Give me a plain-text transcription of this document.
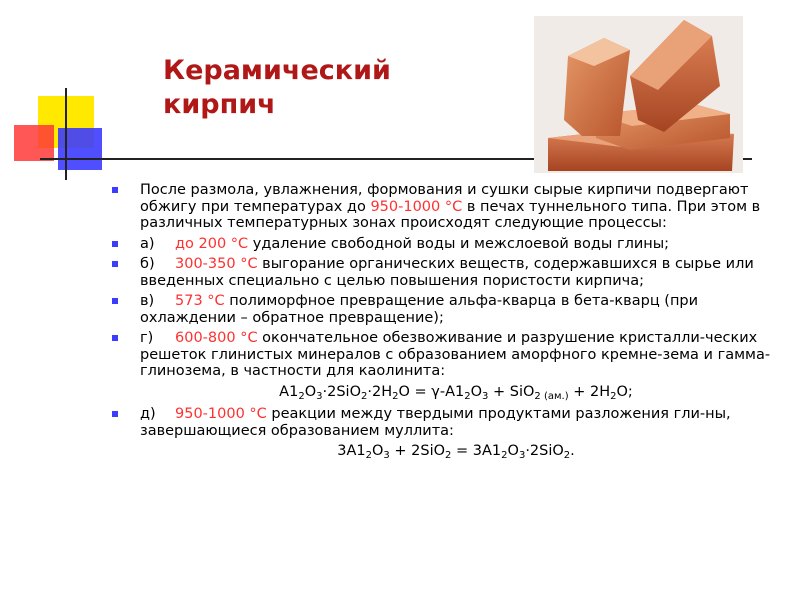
Керамический
кирпич
После размола, увлажнения, формования и сушки сырые кирпичи подвергают обжигу при температурах до 950-1000 °С в печах туннельного типа. При этом в различных температурных зонах происходят следующие процессы:
а) до 200 °С удаление свободной воды и межслоевой воды глины;
б) 300-350 °С выгорание органических веществ, содержавшихся в сырье или введенных специально с целью повышения пористости кирпича;
в) 573 °С полиморфное превращение альфа-кварца в бета-кварц (при охлаждении – обратное превращение);
г) 600-800 °С окончательное обезвоживание и разрушение кристалли-ческих решеток глинистых минералов с образованием аморфного кремне-зема и гамма-глинозема, в частности для каолинита:
$А1_2О_3\cdot 2SiО_2\cdot 2Н_2О = \gamma-А1_2О_3 + SiО_{2 (ам.)} + 2Н_2О$;
д) 950-1000 °С реакции между твердыми продуктами разложения гли-ны, завершающиеся образованием муллита:
$3А1_2О_3 + 2SiО_2 = 3А1_2О_3\cdot 2SiО_2$.
